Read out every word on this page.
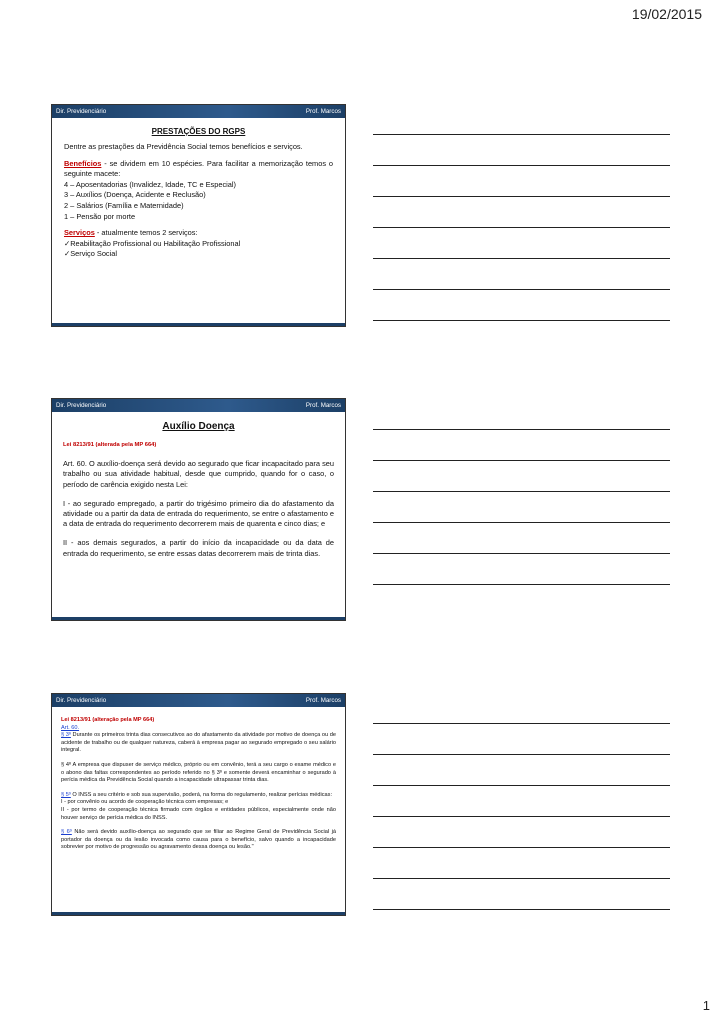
19/02/2015
Dir. Previdenciário	Prof. Marcos
PRESTAÇÕES DO RGPS

Dentre as prestações da Previdência Social temos benefícios e serviços.

Benefícios - se dividem em 10 espécies. Para facilitar a memorização temos o seguinte macete:

4 – Aposentadorias (Invalidez, Idade, TC e Especial)

3 – Auxílios (Doença, Acidente e Reclusão)

2 – Salários (Família e Maternidade)

1 – Pensão por morte

Serviços - atualmente temos 2 serviços:

✓Reabilitação Profissional ou Habilitação Profissional

✓Serviço Social

Dir. Previdenciário	Prof. Marcos
Auxílio Doença
Lei 8213/91 (alterada pela MP 664)

Art. 60. O auxílio-doença será devido ao segurado que ficar incapacitado para seu trabalho ou sua atividade habitual, desde que cumprido, quando for o caso, o período de carência exigido nesta Lei:

I - ao segurado empregado, a partir do trigésimo primeiro dia do afastamento da atividade ou a partir da data de entrada do requerimento, se entre o afastamento e a data de entrada do requerimento decorrerem mais de quarenta e cinco dias; e

II - aos demais segurados, a partir do início da incapacidade ou da data de entrada do requerimento, se entre essas datas decorrerem mais de trinta dias.

Dir. Previdenciário	Prof. Marcos

Lei 8213/91 (alteração pela MP 664)

Art. 60.

§ 3º Durante os primeiros trinta dias consecutivos ao do afastamento da atividade por motivo de doença ou de acidente de trabalho ou de qualquer natureza, caberá à empresa pagar ao segurado empregado o seu salário integral.

§ 4º A empresa que dispuser de serviço médico, próprio ou em convênio, terá a seu cargo o exame médico e o abono das faltas correspondentes ao período referido no § 3º e somente deverá encaminhar o segurado à perícia médica da Previdência Social quando a incapacidade ultrapassar trinta dias.

§ 5º O INSS a seu critério e sob sua supervisão, poderá, na forma do regulamento, realizar perícias médicas:

I - por convênio ou acordo de cooperação técnica com empresas; e

II - por termo de cooperação técnica firmado com órgãos e entidades públicos, especialmente onde não houver serviço de perícia médica do INSS.

§ 6º Não será devido auxílio-doença ao segurado que se filiar ao Regime Geral de Previdência Social já portador da doença ou da lesão invocada como causa para o benefício, salvo quando a incapacidade sobrevier por motivo de progressão ou agravamento dessa doença ou lesão."

1
